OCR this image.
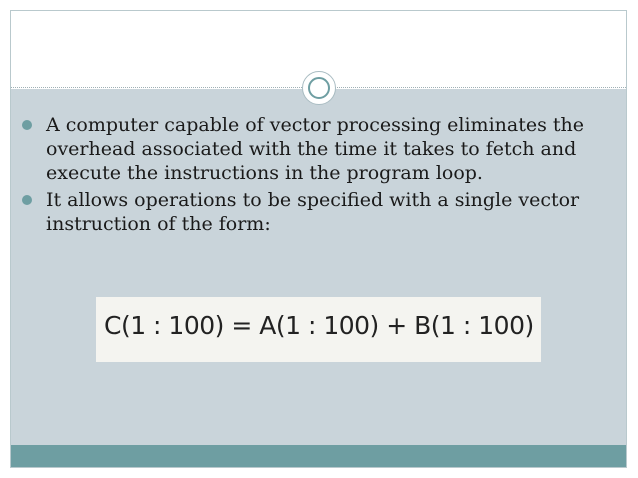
A computer capable of vector processing eliminates the overhead associated with the time it takes to fetch and execute the instructions in the program loop.
It allows operations to be specified with a single vector instruction of the form:
C(1 : 100) = A(1 : 100) + B(1 : 100)
